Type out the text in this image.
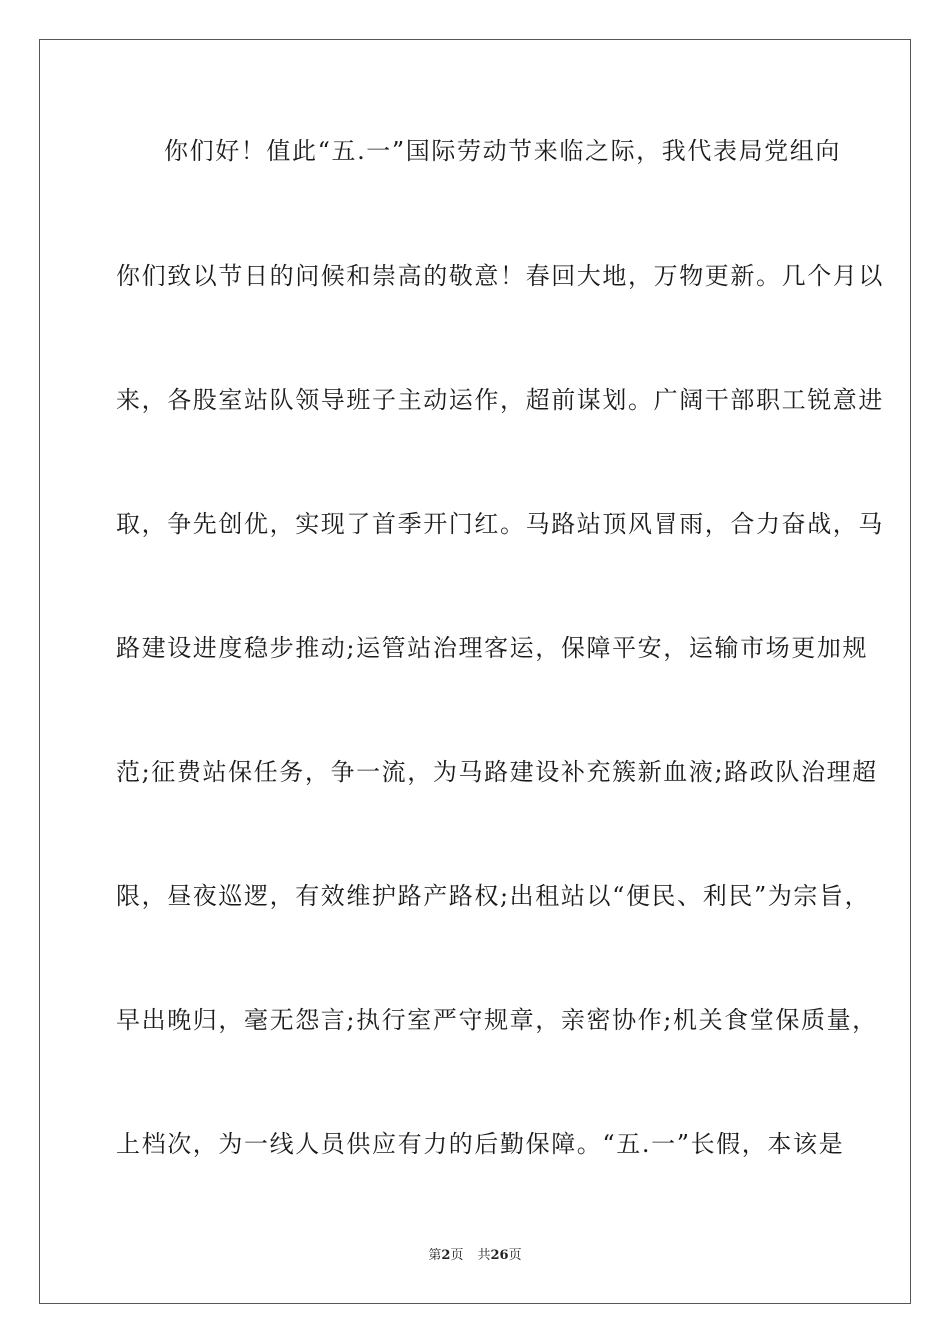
你们好！值此“五.一”国际劳动节来临之际，我代表局党组向
你们致以节日的问候和崇高的敬意！春回大地，万物更新。几个月以
来，各股室站队领导班子主动运作，超前谋划。广阔干部职工锐意进
取，争先创优，实现了首季开门红。马路站顶风冒雨，合力奋战，马
路建设进度稳步推动;运管站治理客运，保障平安，运输市场更加规
范;征费站保任务，争一流，为马路建设补充簇新血液;路政队治理超
限，昼夜巡逻，有效维护路产路权;出租站以“便民、利民”为宗旨，
早出晚归，毫无怨言;执行室严守规章，亲密协作;机关食堂保质量，
上档次，为一线人员供应有力的后勤保障。“五.一”长假，本该是
第2页 共26页
